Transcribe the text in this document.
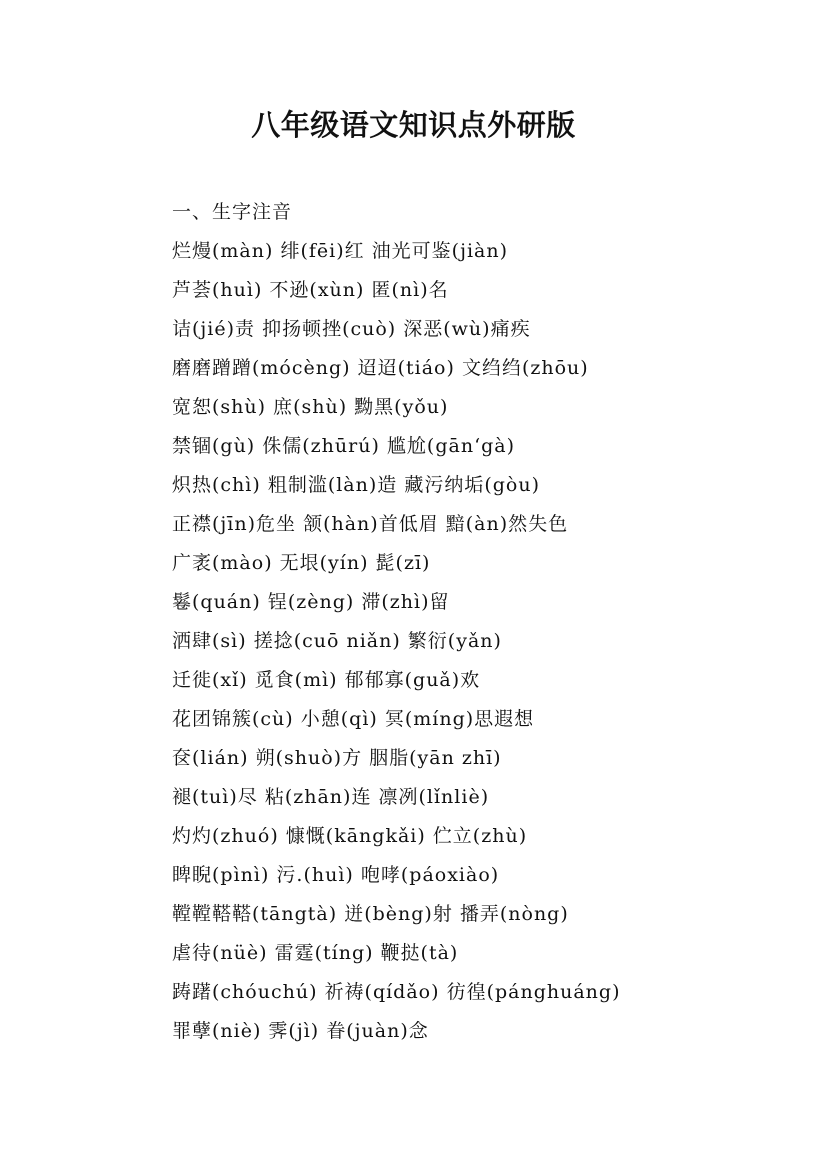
八年级语文知识点外研版
一、生字注音
烂熳(màn) 绯(fēi)红 油光可鉴(jiàn)
芦荟(huì) 不逊(xùn) 匿(nì)名
诘(jié)责 抑扬顿挫(cuò) 深恶(wù)痛疾
磨磨蹭蹭(mócèng) 迢迢(tiáo) 文绉绉(zhōu)
宽恕(shù) 庶(shù) 黝黑(yǒu)
禁锢(gù) 侏儒(zhūrú) 尴尬(gān‘gà)
炽热(chì) 粗制滥(làn)造 藏污纳垢(gòu)
正襟(jīn)危坐 颔(hàn)首低眉 黯(àn)然失色
广袤(mào) 无垠(yín) 髭(zī)
鬈(quán) 锃(zèng) 滞(zhì)留
洒肆(sì) 搓捻(cuō niǎn) 繁衍(yǎn)
迁徙(xǐ) 觅食(mì) 郁郁寡(guǎ)欢
花团锦簇(cù) 小憩(qì) 冥(míng)思遐想
奁(lián) 朔(shuò)方 胭脂(yān zhī)
褪(tuì)尽 粘(zhān)连 凛冽(lǐnliè)
灼灼(zhuó) 慷慨(kāngkǎi) 伫立(zhù)
睥睨(pìnì) 污.(huì) 咆哮(páoxiào)
鞺鞺鞳鞳(tāngtà) 迸(bèng)射 播弄(nòng)
虐待(nüè) 雷霆(tíng) 鞭挞(tà)
踌躇(chóuchú) 祈祷(qídǎo) 彷徨(pánghuáng)
罪孽(niè) 霁(jì) 眷(juàn)念
